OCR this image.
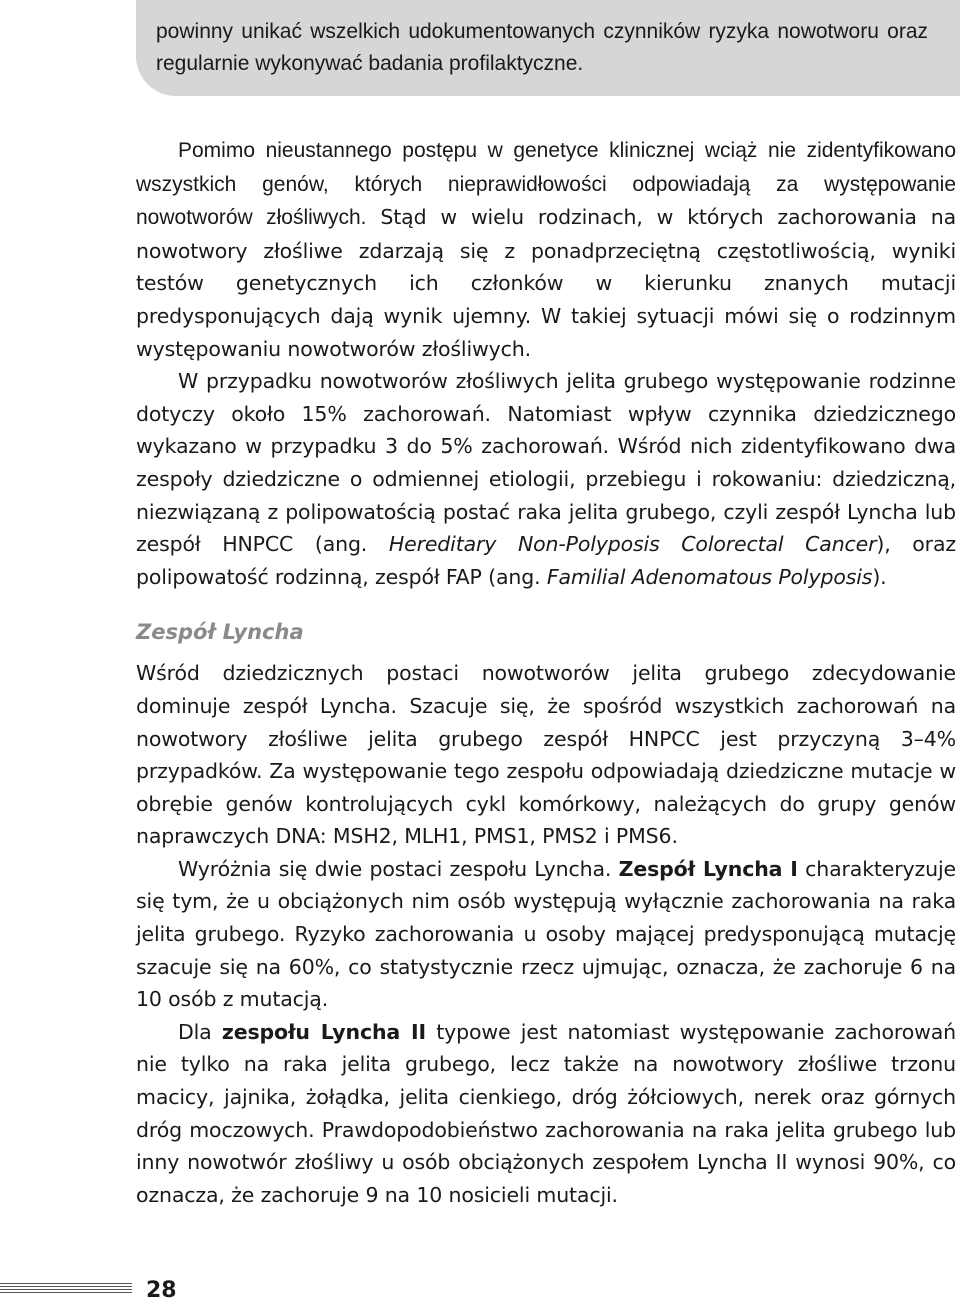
powinny unikać wszelkich udokumentowanych czynników ryzyka nowotworu oraz regularnie wykonywać badania profilaktyczne.

Pomimo nieustannego postępu w genetyce klinicznej wciąż nie zidentyfikowano wszystkich genów, których nieprawidłowości odpowiadają za występowanie nowotworów złośliwych. Stąd w wielu rodzinach, w których zachorowania na nowotwory złośliwe zdarzają się z ponadprzeciętną częstotliwością, wyniki testów genetycznych ich członków w kierunku znanych mutacji predysponujących dają wynik ujemny. W takiej sytuacji mówi się o rodzinnym występowaniu nowotworów złośliwych.

W przypadku nowotworów złośliwych jelita grubego występowanie rodzinne dotyczy około 15% zachorowań. Natomiast wpływ czynnika dziedzicznego wykazano w przypadku 3 do 5% zachorowań. Wśród nich zidentyfikowano dwa zespoły dziedziczne o odmiennej etiologii, przebiegu i rokowaniu: dziedziczną, niezwiązaną z polipowatością postać raka jelita grubego, czyli zespół Lyncha lub zespół HNPCC (ang. Hereditary Non-Polyposis Colorectal Cancer), oraz polipowatość rodzinną, zespół FAP (ang. Familial Adenomatous Polyposis).

Zespół Lyncha

Wśród dziedzicznych postaci nowotworów jelita grubego zdecydowanie dominuje zespół Lyncha. Szacuje się, że spośród wszystkich zachorowań na nowotwory złośliwe jelita grubego zespół HNPCC jest przyczyną 3–4% przypadków. Za występowanie tego zespołu odpowiadają dziedziczne mutacje w obrębie genów kontrolujących cykl komórkowy, należących do grupy genów naprawczych DNA: MSH2, MLH1, PMS1, PMS2 i PMS6.

Wyróżnia się dwie postaci zespołu Lyncha. Zespół Lyncha I charakteryzuje się tym, że u obciążonych nim osób występują wyłącznie zachorowania na raka jelita grubego. Ryzyko zachorowania u osoby mającej predysponującą mutację szacuje się na 60%, co statystycznie rzecz ujmując, oznacza, że zachoruje 6 na 10 osób z mutacją.

Dla zespołu Lyncha II typowe jest natomiast występowanie zachorowań nie tylko na raka jelita grubego, lecz także na nowotwory złośliwe trzonu macicy, jajnika, żołądka, jelita cienkiego, dróg żółciowych, nerek oraz górnych dróg moczowych. Prawdopodobieństwo zachorowania na raka jelita grubego lub inny nowotwór złośliwy u osób obciążonych zespołem Lyncha II wynosi 90%, co oznacza, że zachoruje 9 na 10 nosicieli mutacji.

28
